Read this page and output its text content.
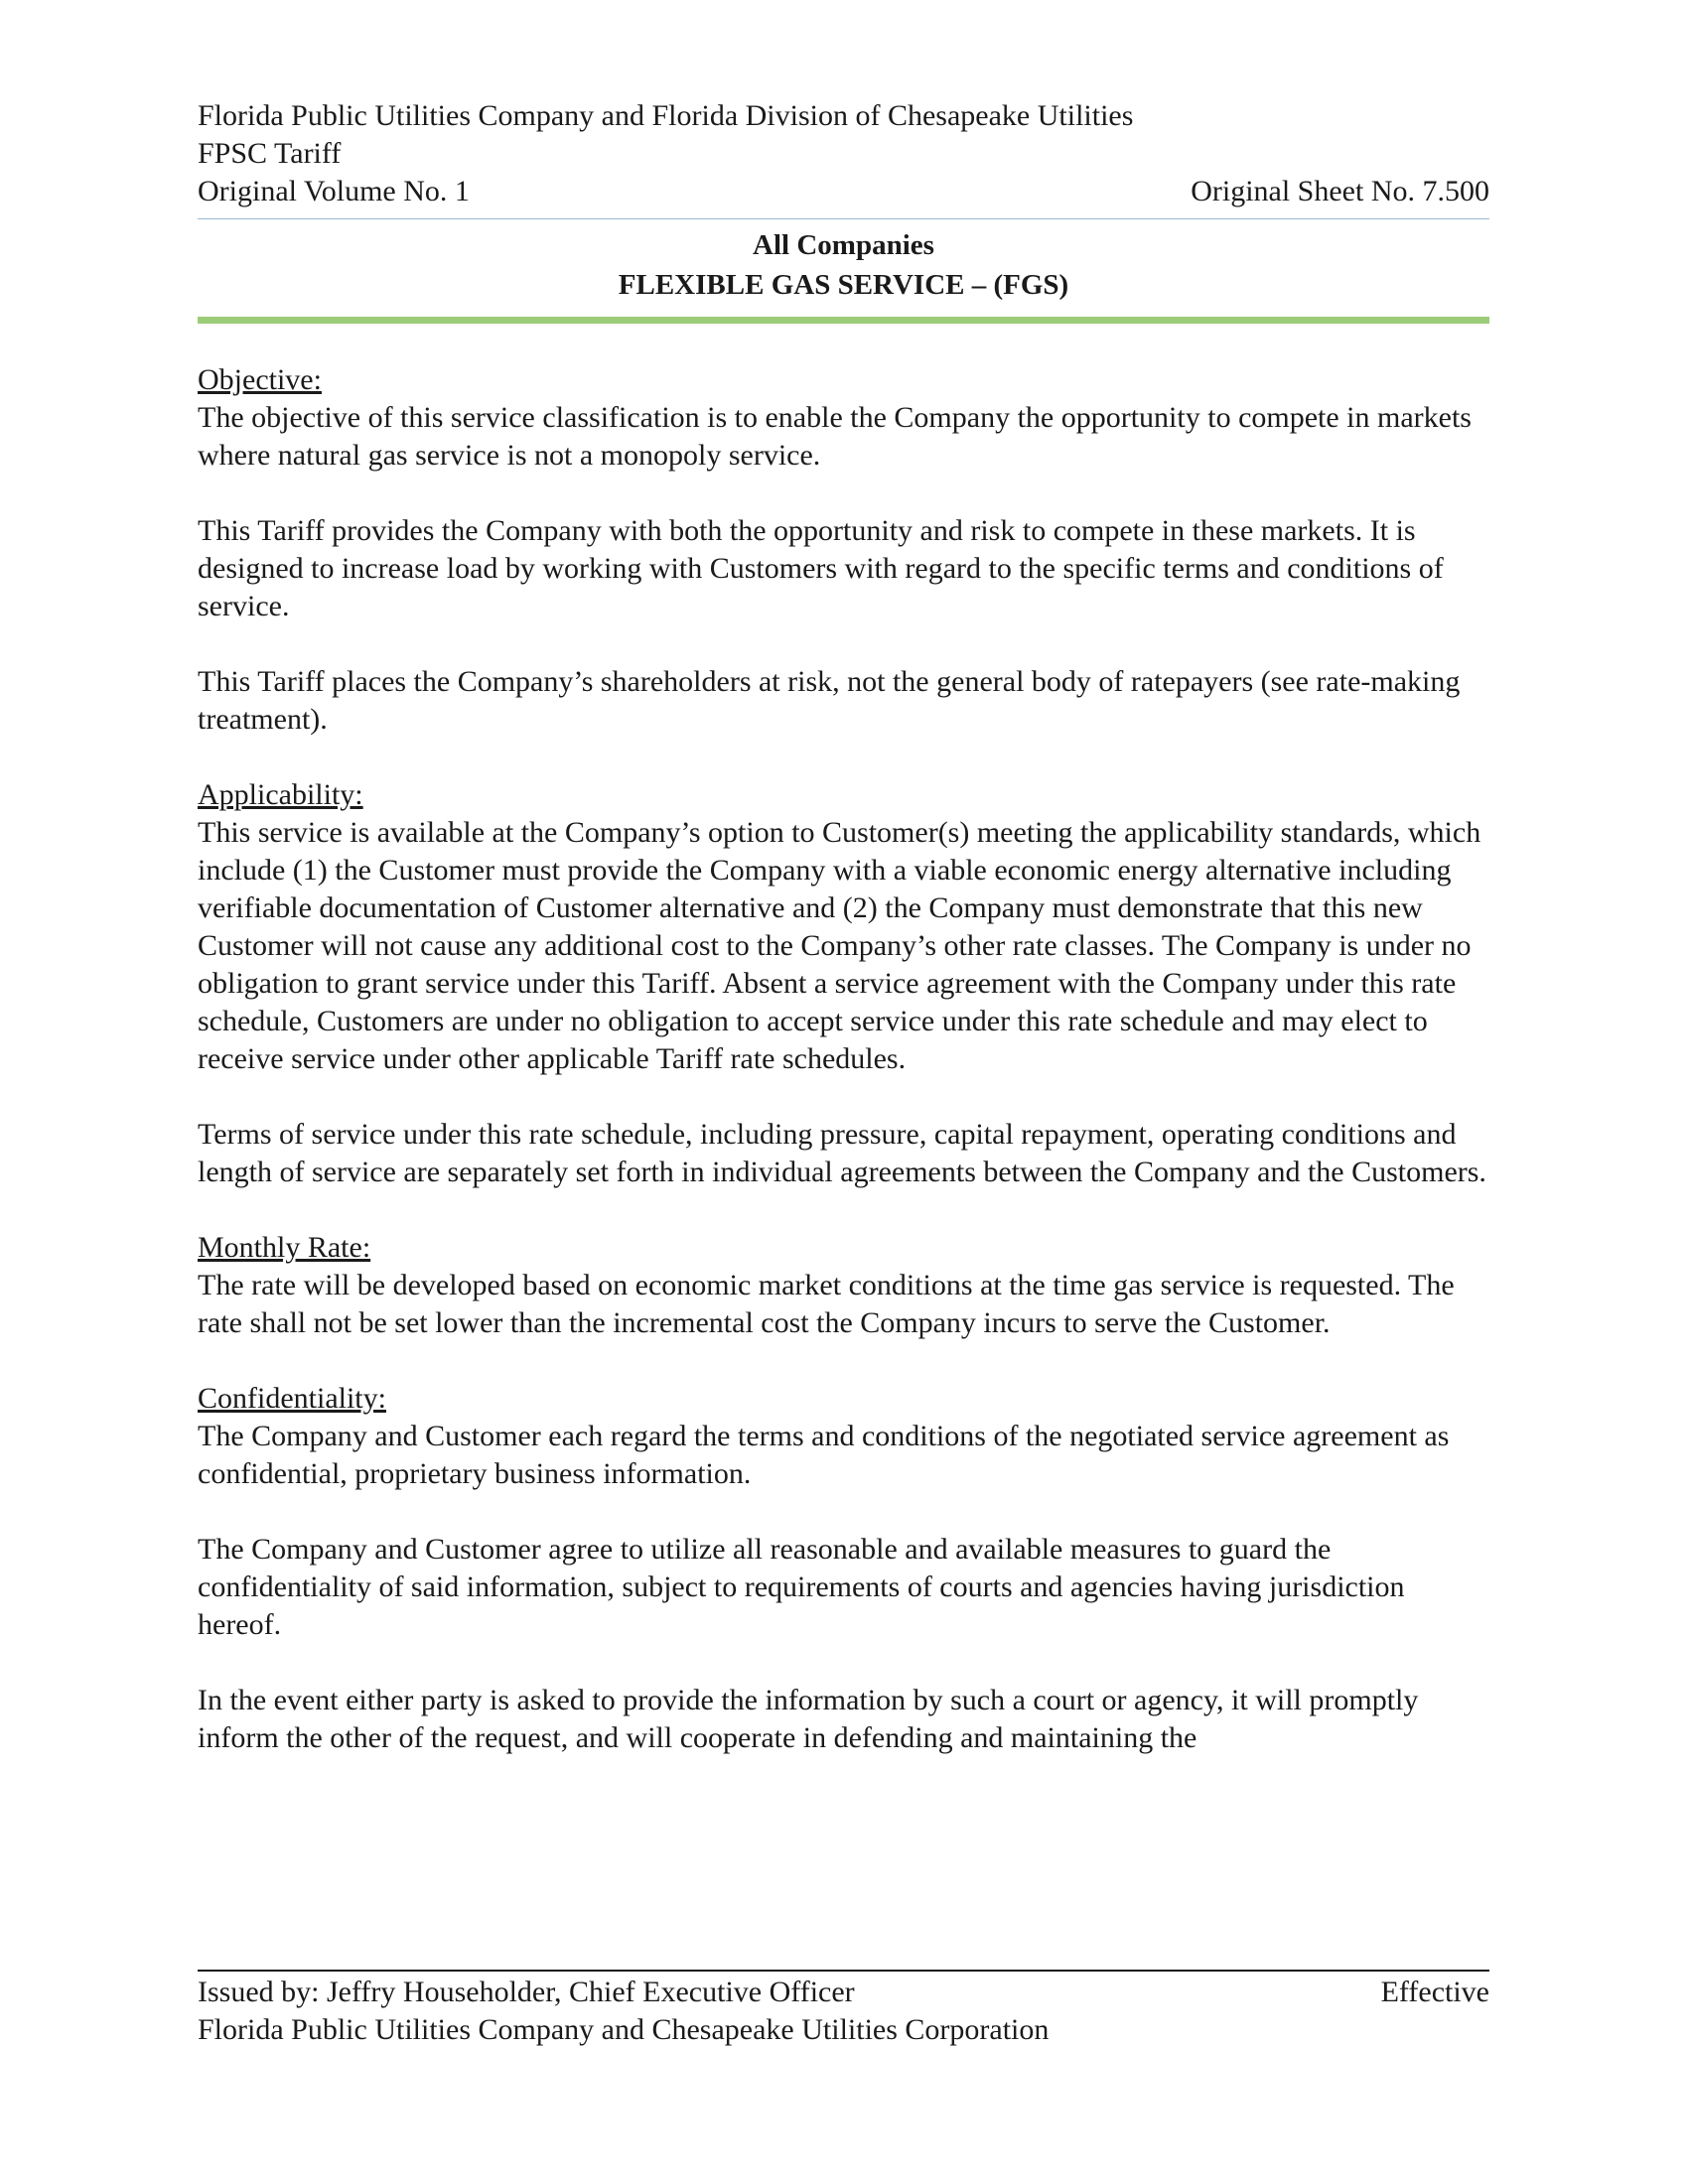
Florida Public Utilities Company and Florida Division of Chesapeake Utilities
FPSC Tariff
Original Volume No. 1	Original Sheet No. 7.500
All Companies
FLEXIBLE GAS SERVICE – (FGS)
Objective:

The objective of this service classification is to enable the Company the opportunity to compete in markets where natural gas service is not a monopoly service.

This Tariff provides the Company with both the opportunity and risk to compete in these markets. It is designed to increase load by working with Customers with regard to the specific terms and conditions of service.

This Tariff places the Company’s shareholders at risk, not the general body of ratepayers (see rate-making treatment).

Applicability:

This service is available at the Company’s option to Customer(s) meeting the applicability standards, which include (1) the Customer must provide the Company with a viable economic energy alternative including verifiable documentation of Customer alternative and (2) the Company must demonstrate that this new Customer will not cause any additional cost to the Company’s other rate classes. The Company is under no obligation to grant service under this Tariff. Absent a service agreement with the Company under this rate schedule, Customers are under no obligation to accept service under this rate schedule and may elect to receive service under other applicable Tariff rate schedules.

Terms of service under this rate schedule, including pressure, capital repayment, operating conditions and length of service are separately set forth in individual agreements between the Company and the Customers.

Monthly Rate:

The rate will be developed based on economic market conditions at the time gas service is requested. The rate shall not be set lower than the incremental cost the Company incurs to serve the Customer.

Confidentiality:

The Company and Customer each regard the terms and conditions of the negotiated service agreement as confidential, proprietary business information.

The Company and Customer agree to utilize all reasonable and available measures to guard the confidentiality of said information, subject to requirements of courts and agencies having jurisdiction hereof.

In the event either party is asked to provide the information by such a court or agency, it will promptly inform the other of the request, and will cooperate in defending and maintaining the

Issued by: Jeffry Householder, Chief Executive Officer	Effective
Florida Public Utilities Company and Chesapeake Utilities Corporation
